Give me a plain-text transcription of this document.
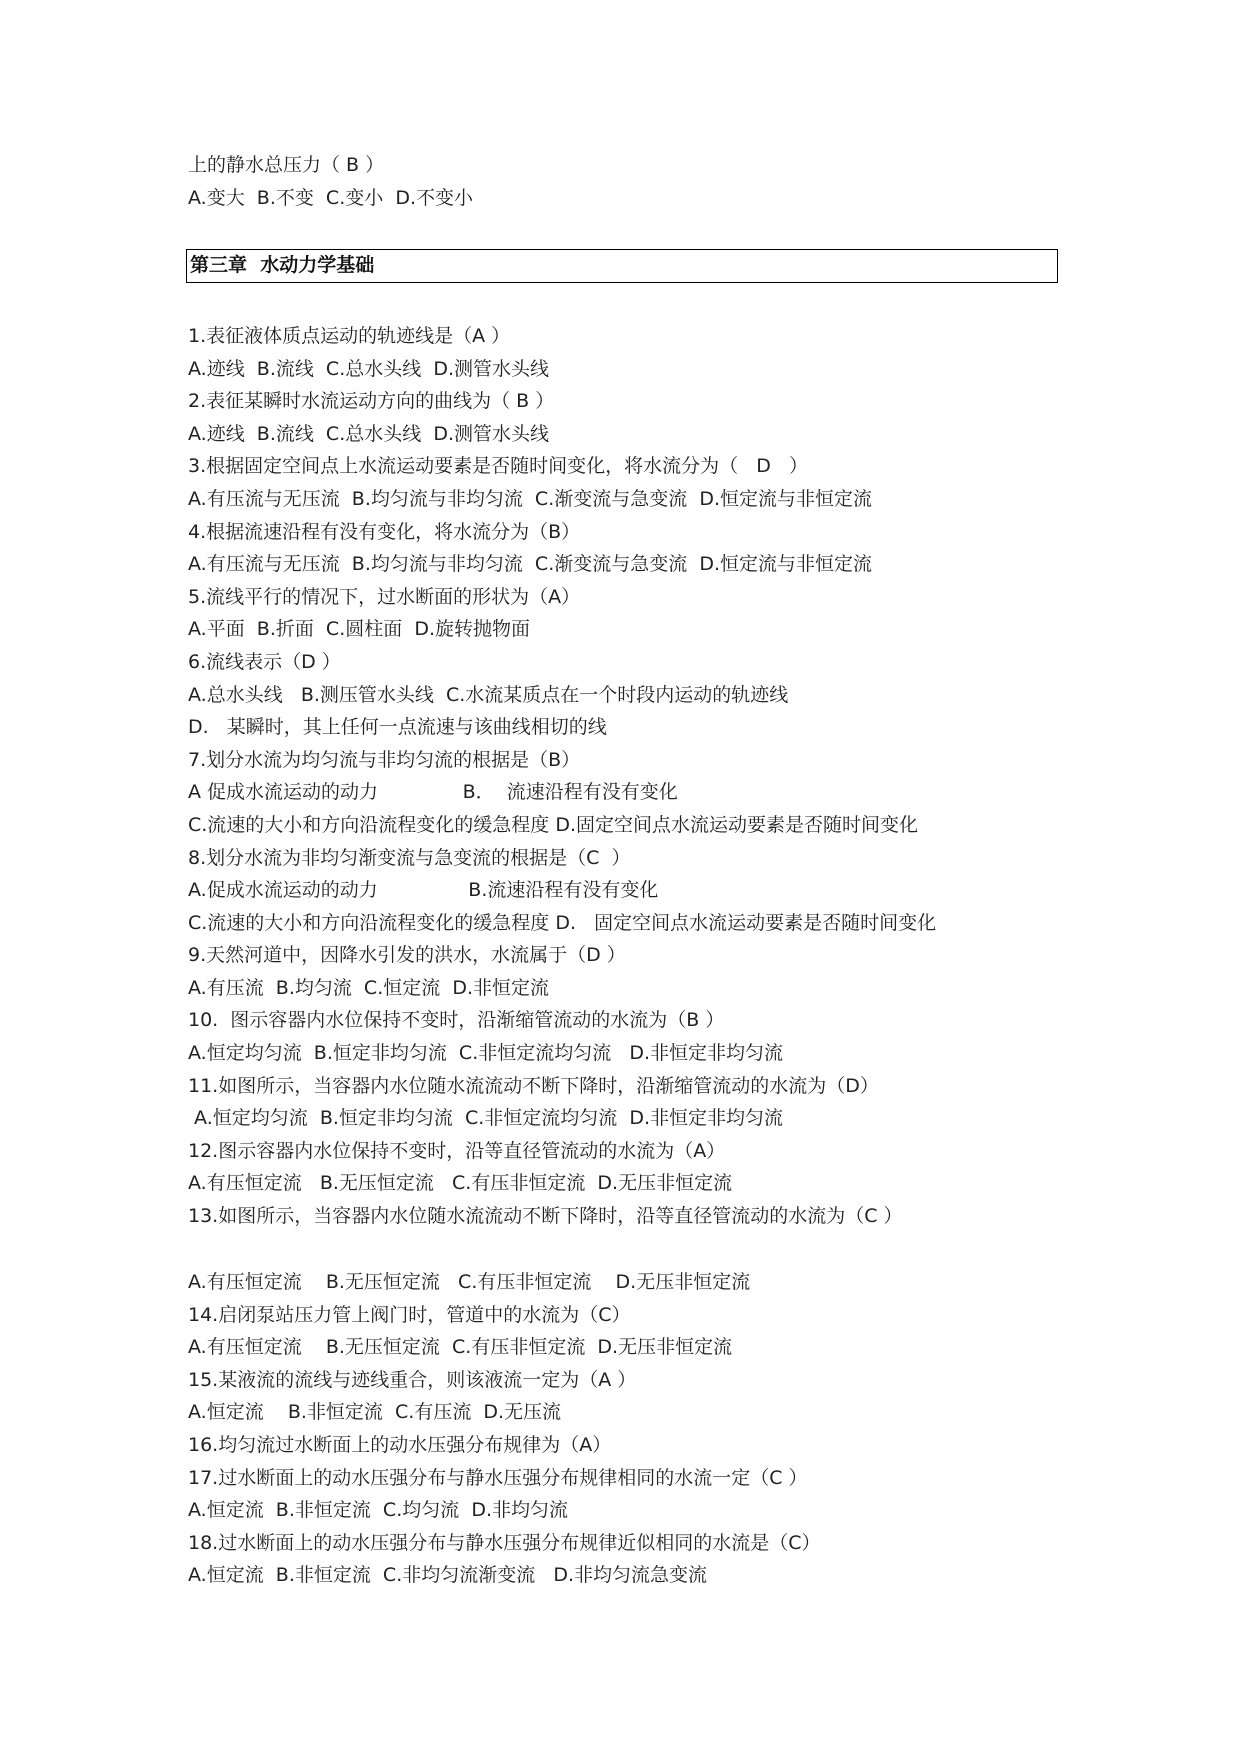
上的静水总压力（ B ）
A.变大  B.不变  C.变小  D.不变小
第三章  水动力学基础
1.表征液体质点运动的轨迹线是（A ）
A.迹线  B.流线  C.总水头线  D.测管水头线
2.表征某瞬时水流运动方向的曲线为（ B ）
A.迹线  B.流线  C.总水头线  D.测管水头线
3.根据固定空间点上水流运动要素是否随时间变化，将水流分为（   D   ）
A.有压流与无压流  B.均匀流与非均匀流  C.渐变流与急变流  D.恒定流与非恒定流
4.根据流速沿程有没有变化，将水流分为（B）
A.有压流与无压流  B.均匀流与非均匀流  C.渐变流与急变流  D.恒定流与非恒定流
5.流线平行的情况下，过水断面的形状为（A）
A.平面  B.折面  C.圆柱面  D.旋转抛物面
6.流线表示（D ）
A.总水头线   B.测压管水头线  C.水流某质点在一个时段内运动的轨迹线
D.   某瞬时，其上任何一点流速与该曲线相切的线
7.划分水流为均匀流与非均匀流的根据是（B）
A 促成水流运动的动力              B．  流速沿程有没有变化
C.流速的大小和方向沿流程变化的缓急程度 D.固定空间点水流运动要素是否随时间变化
8.划分水流为非均匀渐变流与急变流的根据是（C  ）
A.促成水流运动的动力               B.流速沿程有没有变化
C.流速的大小和方向沿流程变化的缓急程度 D.   固定空间点水流运动要素是否随时间变化
9.天然河道中，因降水引发的洪水，水流属于（D ）
A.有压流  B.均匀流  C.恒定流  D.非恒定流
10.  图示容器内水位保持不变时，沿渐缩管流动的水流为（B ）
A.恒定均匀流  B.恒定非均匀流  C.非恒定流均匀流   D.非恒定非均匀流
11.如图所示，当容器内水位随水流流动不断下降时，沿渐缩管流动的水流为（D）
A.恒定均匀流  B.恒定非均匀流  C.非恒定流均匀流  D.非恒定非均匀流
12.图示容器内水位保持不变时，沿等直径管流动的水流为（A）
A.有压恒定流   B.无压恒定流   C.有压非恒定流  D.无压非恒定流
13.如图所示，当容器内水位随水流流动不断下降时，沿等直径管流动的水流为（C ）
A.有压恒定流    B.无压恒定流   C.有压非恒定流    D.无压非恒定流
14.启闭泵站压力管上阀门时，管道中的水流为（C）
A.有压恒定流    B.无压恒定流  C.有压非恒定流  D.无压非恒定流
15.某液流的流线与迹线重合，则该液流一定为（A ）
A.恒定流    B.非恒定流  C.有压流  D.无压流
16.均匀流过水断面上的动水压强分布规律为（A）
17.过水断面上的动水压强分布与静水压强分布规律相同的水流一定（C ）
A.恒定流  B.非恒定流  C.均匀流  D.非均匀流
18.过水断面上的动水压强分布与静水压强分布规律近似相同的水流是（C）
A.恒定流  B.非恒定流  C.非均匀流渐变流   D.非均匀流急变流
